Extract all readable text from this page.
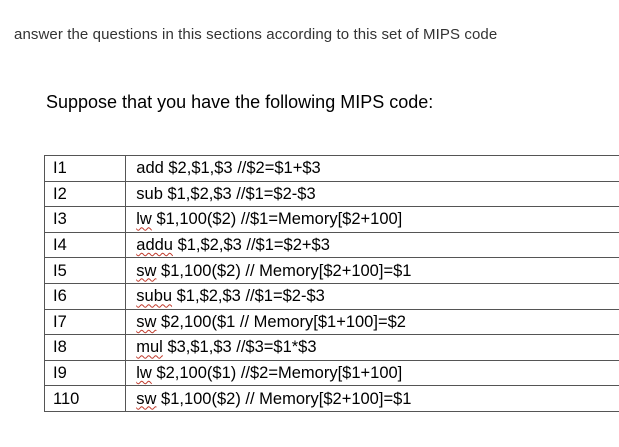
answer the questions in this sections according to this set of MIPS code
Suppose that you have the following MIPS code:
I1	add $2,$1,$3 //$2=$1+$3
I2	sub $1,$2,$3 //$1=$2-$3
I3	lw $1,100($2) //$1=Memory[$2+100]
I4	addu $1,$2,$3 //$1=$2+$3
I5	sw $1,100($2) // Memory[$2+100]=$1
I6	subu $1,$2,$3 //$1=$2-$3
I7	sw $2,100($1 // Memory[$1+100]=$2
I8	mul $3,$1,$3 //$3=$1*$3
I9	lw $2,100($1) //$2=Memory[$1+100]
110	sw $1,100($2) // Memory[$2+100]=$1
